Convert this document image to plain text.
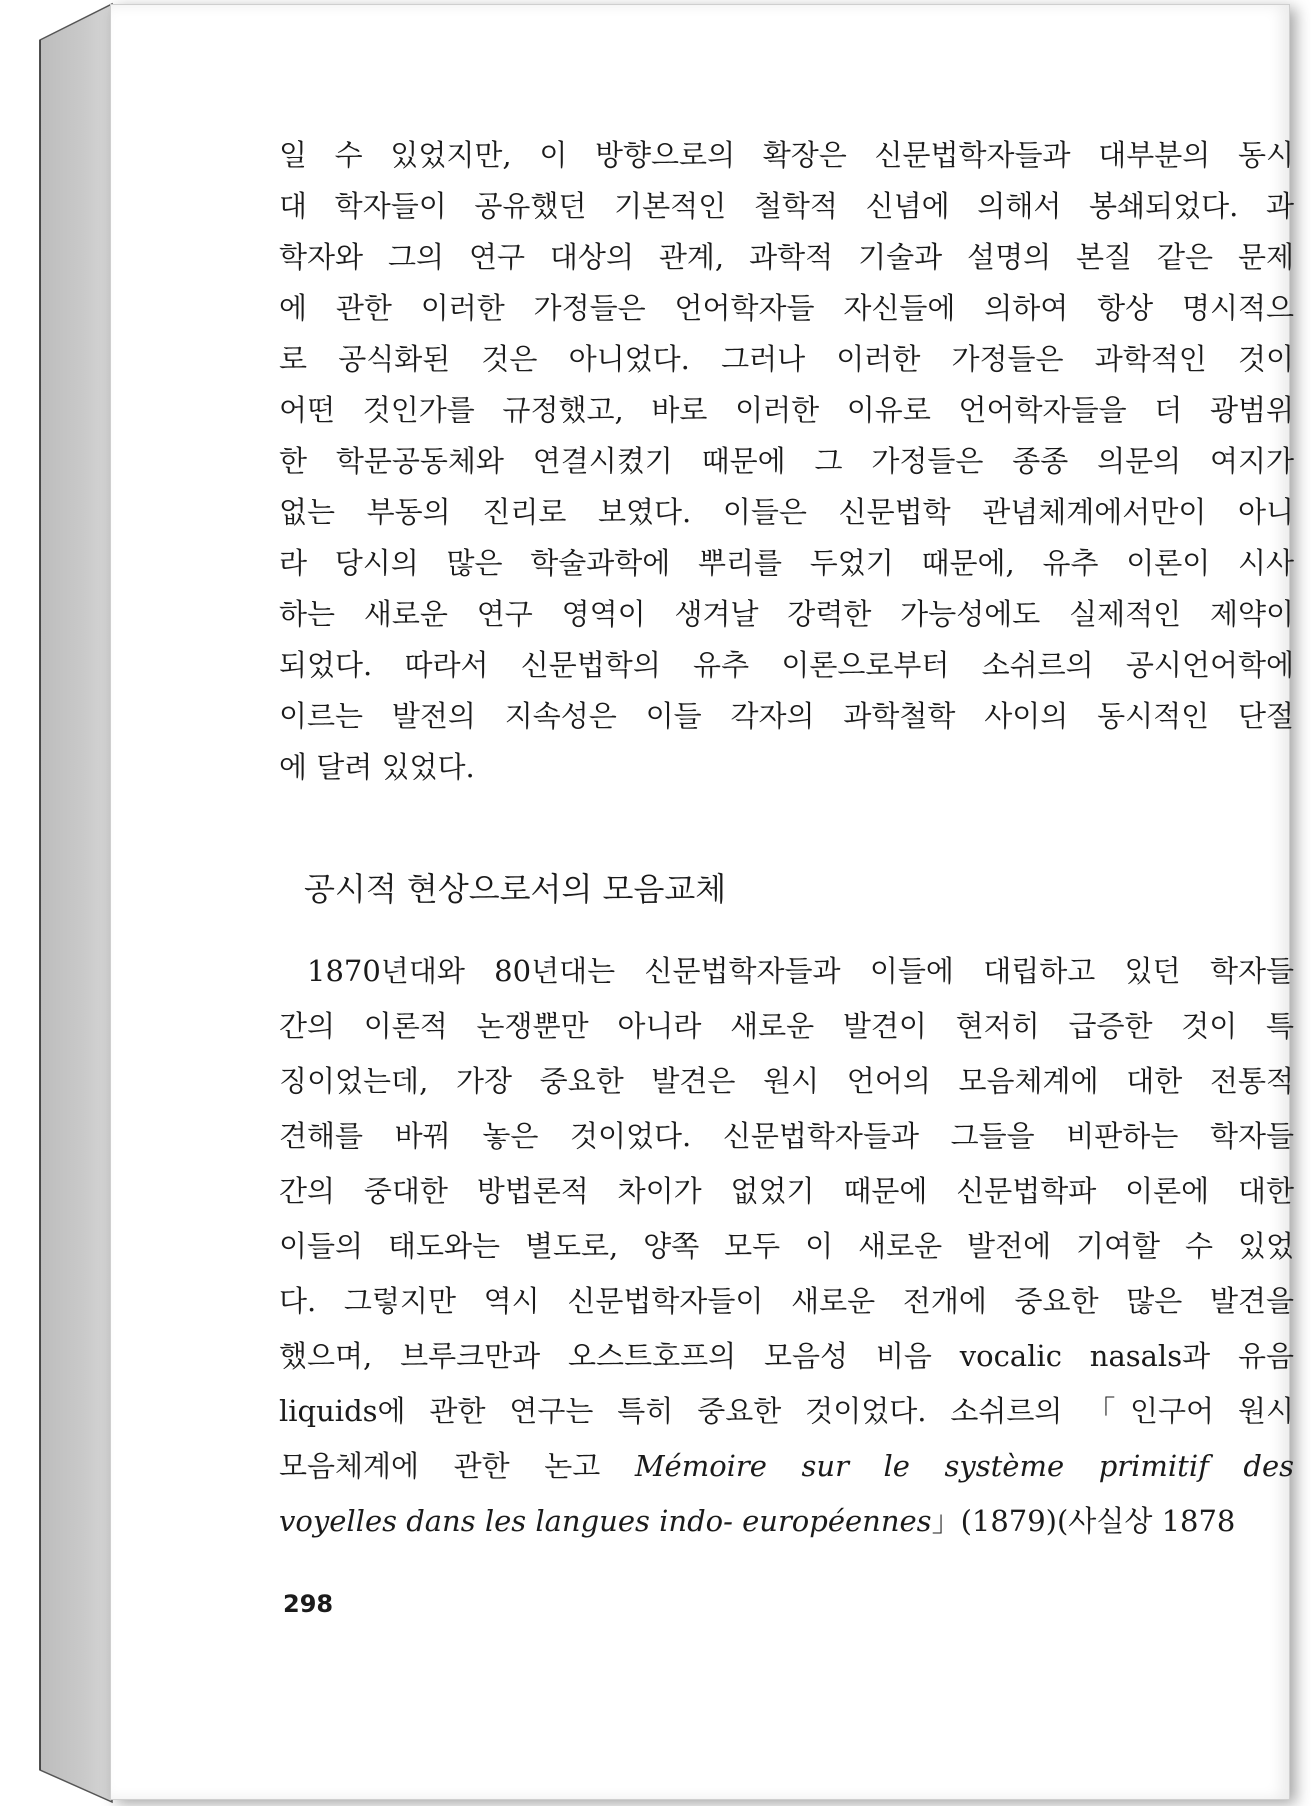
일 수 있었지만, 이 방향으로의 확장은 신문법학자들과 대부분의 동시
대 학자들이 공유했던 기본적인 철학적 신념에 의해서 봉쇄되었다. 과
학자와 그의 연구 대상의 관계, 과학적 기술과 설명의 본질 같은 문제
에 관한 이러한 가정들은 언어학자들 자신들에 의하여 항상 명시적으
로 공식화된 것은 아니었다. 그러나 이러한 가정들은 과학적인 것이
어떤 것인가를 규정했고, 바로 이러한 이유로 언어학자들을 더 광범위
한 학문공동체와 연결시켰기 때문에 그 가정들은 종종 의문의 여지가
없는 부동의 진리로 보였다. 이들은 신문법학 관념체계에서만이 아니
라 당시의 많은 학술과학에 뿌리를 두었기 때문에, 유추 이론이 시사
하는 새로운 연구 영역이 생겨날 강력한 가능성에도 실제적인 제약이
되었다. 따라서 신문법학의 유추 이론으로부터 소쉬르의 공시언어학에
이르는 발전의 지속성은 이들 각자의 과학철학 사이의 동시적인 단절
에 달려 있었다.
공시적 현상으로서의 모음교체
1870년대와 80년대는 신문법학자들과 이들에 대립하고 있던 학자들
간의 이론적 논쟁뿐만 아니라 새로운 발견이 현저히 급증한 것이 특
징이었는데, 가장 중요한 발견은 원시 언어의 모음체계에 대한 전통적
견해를 바꿔 놓은 것이었다. 신문법학자들과 그들을 비판하는 학자들
간의 중대한 방법론적 차이가 없었기 때문에 신문법학파 이론에 대한
이들의 태도와는 별도로, 양쪽 모두 이 새로운 발전에 기여할 수 있었
다. 그렇지만 역시 신문법학자들이 새로운 전개에 중요한 많은 발견을
했으며, 브루크만과 오스트호프의 모음성 비음 vocalic nasals과 유음
liquids에 관한 연구는 특히 중요한 것이었다. 소쉬르의 「인구어 원시
모음체계에 관한 논고 Mémoire sur le système primitif des
voyelles dans les langues indo- européennes」(1879)(사실상 1878
298
